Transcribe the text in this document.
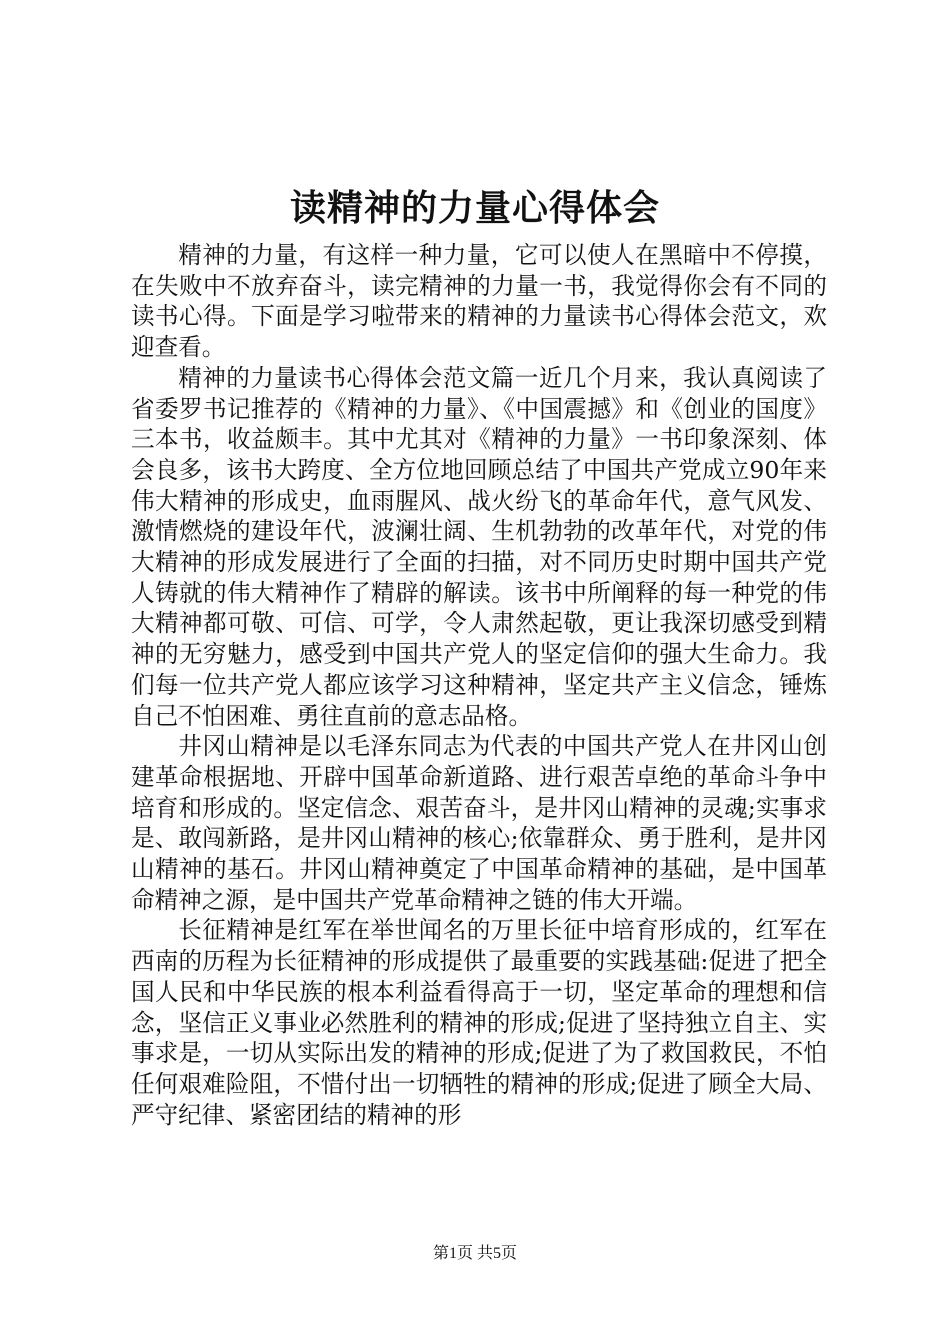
读精神的力量心得体会

精神的力量，有这样一种力量，它可以使人在黑暗中不停摸，在失败中不放弃奋斗，读完精神的力量一书，我觉得你会有不同的读书心得。下面是学习啦带来的精神的力量读书心得体会范文，欢迎查看。

精神的力量读书心得体会范文篇一近几个月来，我认真阅读了省委罗书记推荐的《精神的力量》、《中国震撼》和《创业的国度》三本书，收益颇丰。其中尤其对《精神的力量》一书印象深刻、体会良多，该书大跨度、全方位地回顾总结了中国共产党成立90年来伟大精神的形成史，血雨腥风、战火纷飞的革命年代，意气风发、激情燃烧的建设年代，波澜壮阔、生机勃勃的改革年代，对党的伟大精神的形成发展进行了全面的扫描，对不同历史时期中国共产党人铸就的伟大精神作了精辟的解读。该书中所阐释的每一种党的伟大精神都可敬、可信、可学，令人肃然起敬，更让我深切感受到精神的无穷魅力，感受到中国共产党人的坚定信仰的强大生命力。我们每一位共产党人都应该学习这种精神，坚定共产主义信念，锤炼自己不怕困难、勇往直前的意志品格。

井冈山精神是以毛泽东同志为代表的中国共产党人在井冈山创建革命根据地、开辟中国革命新道路、进行艰苦卓绝的革命斗争中培育和形成的。坚定信念、艰苦奋斗，是井冈山精神的灵魂;实事求是、敢闯新路，是井冈山精神的核心;依靠群众、勇于胜利，是井冈山精神的基石。井冈山精神奠定了中国革命精神的基础，是中国革命精神之源，是中国共产党革命精神之链的伟大开端。

长征精神是红军在举世闻名的万里长征中培育形成的，红军在西南的历程为长征精神的形成提供了最重要的实践基础:促进了把全国人民和中华民族的根本利益看得高于一切，坚定革命的理想和信念，坚信正义事业必然胜利的精神的形成;促进了坚持独立自主、实事求是，一切从实际出发的精神的形成;促进了为了救国救民，不怕任何艰难险阻，不惜付出一切牺牲的精神的形成;促进了顾全大局、严守纪律、紧密团结的精神的形

第1页 共5页
